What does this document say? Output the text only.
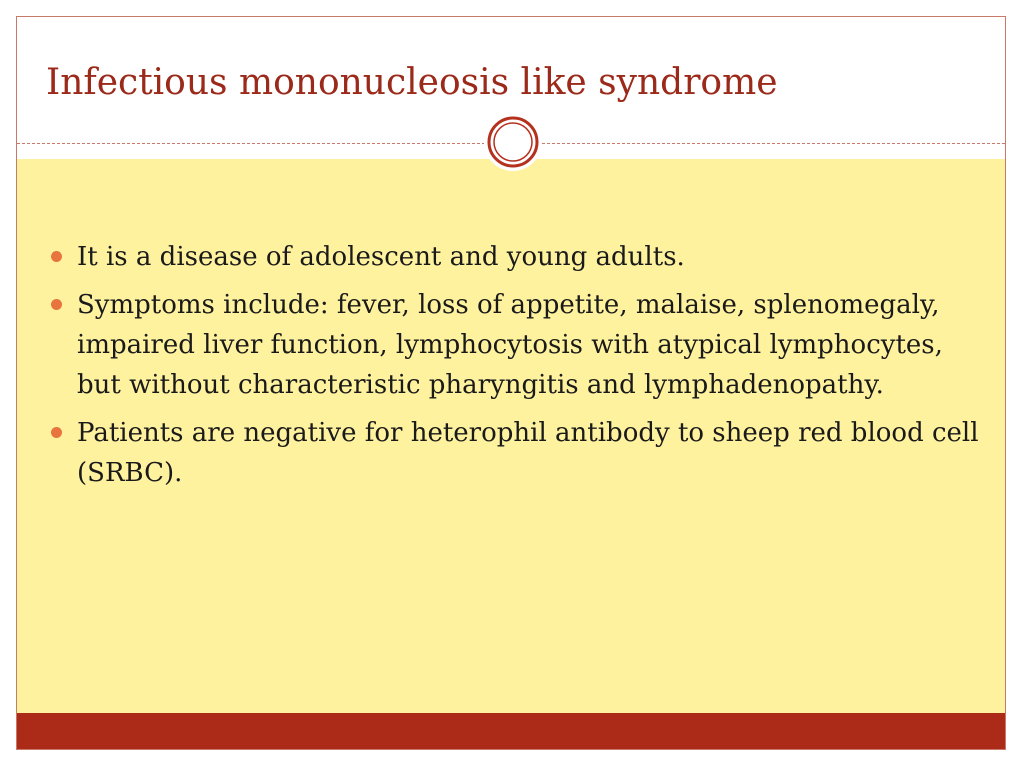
Infectious mononucleosis like syndrome
It is a disease of adolescent and young adults.
Symptoms include: fever, loss of appetite, malaise, splenomegaly, impaired liver function, lymphocytosis with atypical lymphocytes, but without characteristic pharyngitis and lymphadenopathy.
Patients are negative for heterophil antibody to sheep red blood cell (SRBC).
